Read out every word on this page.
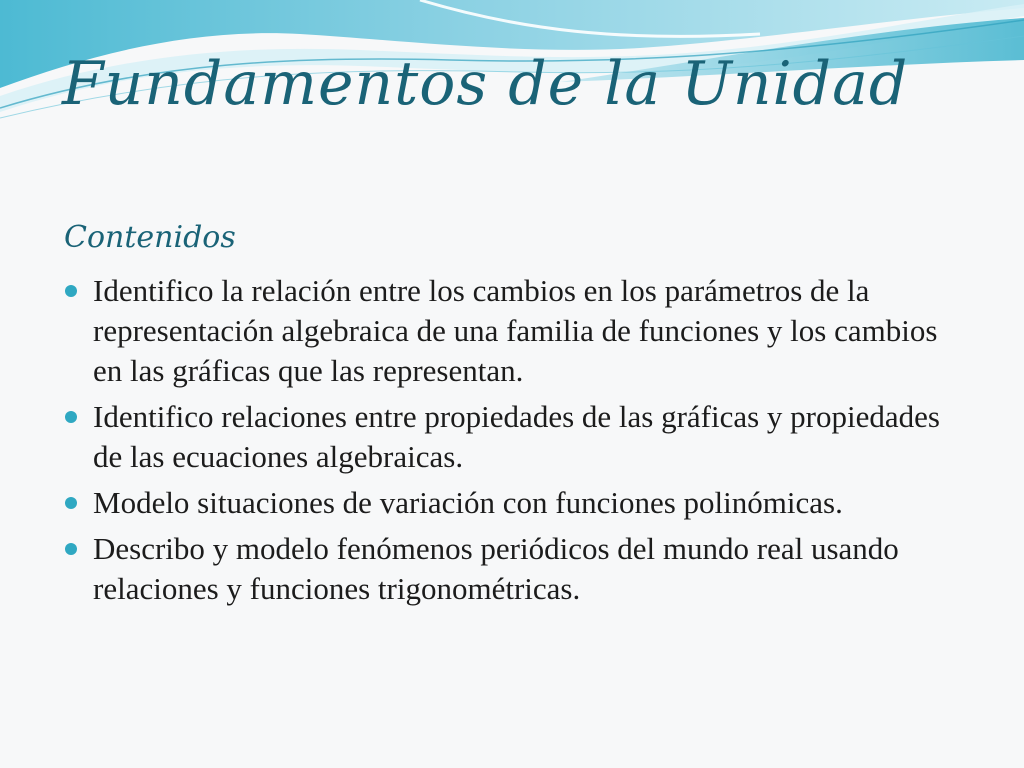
Fundamentos de la Unidad
Contenidos
Identifico la relación entre los cambios en los parámetros de la representación algebraica de una familia de funciones y los cambios en las gráficas que las representan.
Identifico relaciones entre propiedades de las gráficas y propiedades de las ecuaciones algebraicas.
Modelo situaciones de variación con funciones polinómicas.
Describo y modelo fenómenos periódicos del mundo real usando relaciones y funciones trigonométricas.
